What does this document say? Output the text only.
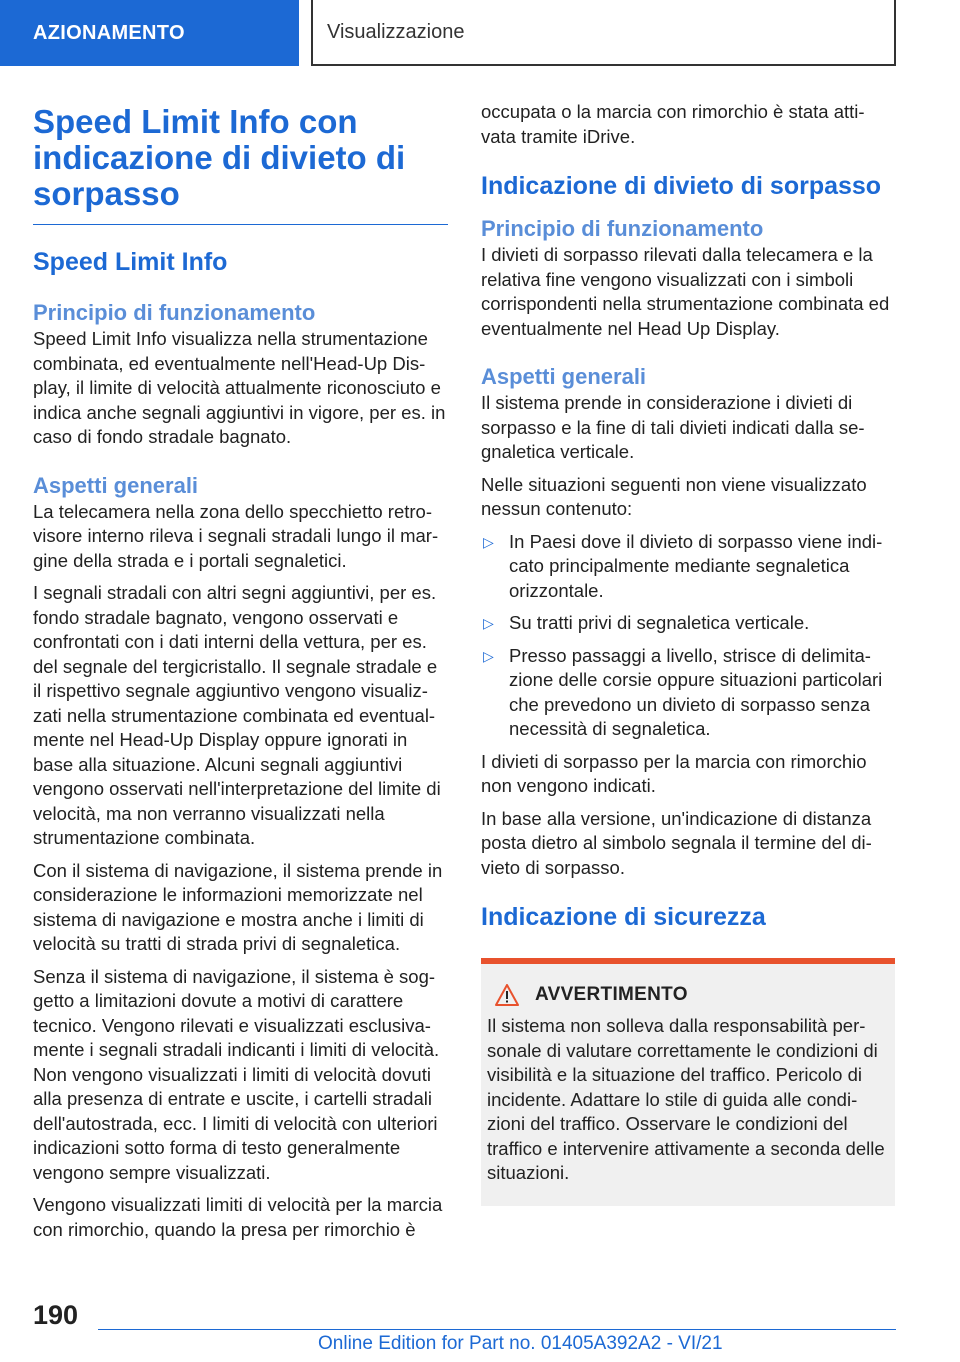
AZIONAMENTO	Visualizzazione
Speed Limit Info con indicazione di divieto di sorpasso
Speed Limit Info
Principio di funzionamento

Speed Limit Info visualizza nella strumentazione combinata, ed eventualmente nell'Head-Up Dis-play, il limite di velocità attualmente riconosciuto e indica anche segnali aggiuntivi in vigore, per es. in caso di fondo stradale bagnato.

Aspetti generali

La telecamera nella zona dello specchietto retro-visore interno rileva i segnali stradali lungo il mar-gine della strada e i portali segnaletici.

I segnali stradali con altri segni aggiuntivi, per es. fondo stradale bagnato, vengono osservati e confrontati con i dati interni della vettura, per es. del segnale del tergicristallo. Il segnale stradale e il rispettivo segnale aggiuntivo vengono visualiz-zati nella strumentazione combinata ed eventual-mente nel Head-Up Display oppure ignorati in base alla situazione. Alcuni segnali aggiuntivi vengono osservati nell'interpretazione del limite di velocità, ma non verranno visualizzati nella strumentazione combinata.

Con il sistema di navigazione, il sistema prende in considerazione le informazioni memorizzate nel sistema di navigazione e mostra anche i limiti di velocità su tratti di strada privi di segnaletica.

Senza il sistema di navigazione, il sistema è sog-getto a limitazioni dovute a motivi di carattere tecnico. Vengono rilevati e visualizzati esclusiva-mente i segnali stradali indicanti i limiti di velocità. Non vengono visualizzati i limiti di velocità dovuti alla presenza di entrate e uscite, i cartelli stradali dell'autostrada, ecc. I limiti di velocità con ulteriori indicazioni sotto forma di testo generalmente vengono sempre visualizzati.

Vengono visualizzati limiti di velocità per la marcia con rimorchio, quando la presa per rimorchio è

occupata o la marcia con rimorchio è stata atti-vata tramite iDrive.

Indicazione di divieto di sorpasso
Principio di funzionamento

I divieti di sorpasso rilevati dalla telecamera e la relativa fine vengono visualizzati con i simboli corrispondenti nella strumentazione combinata ed eventualmente nel Head Up Display.

Aspetti generali

Il sistema prende in considerazione i divieti di sorpasso e la fine di tali divieti indicati dalla se-gnaletica verticale.

Nelle situazioni seguenti non viene visualizzato nessun contenuto:

▷ In Paesi dove il divieto di sorpasso viene indi-cato principalmente mediante segnaletica orizzontale.
▷ Su tratti privi di segnaletica verticale.
▷ Presso passaggi a livello, strisce di delimita-zione delle corsie oppure situazioni particolari che prevedono un divieto di sorpasso senza necessità di segnaletica.

I divieti di sorpasso per la marcia con rimorchio non vengono indicati.

In base alla versione, un'indicazione di distanza posta dietro al simbolo segnala il termine del di-vieto di sorpasso.

Indicazione di sicurezza
AVVERTIMENTO

Il sistema non solleva dalla responsabilità per-sonale di valutare correttamente le condizioni di visibilità e la situazione del traffico. Pericolo di incidente. Adattare lo stile di guida alle condi-zioni del traffico. Osservare le condizioni del traffico e intervenire attivamente a seconda delle situazioni.

190
Online Edition for Part no. 01405A392A2 - VI/21
